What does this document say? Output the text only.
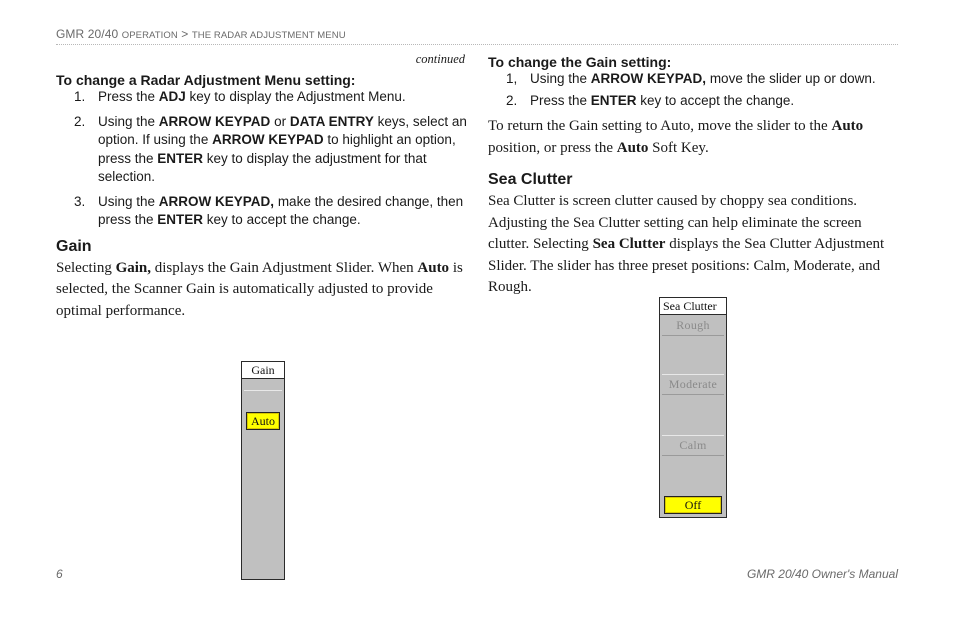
GMR 20/40 OPERATION > THE RADAR ADJUSTMENT MENU

continued

To change a Radar Adjustment Menu setting:

1. Press the ADJ key to display the Adjustment Menu.
2. Using the ARROW KEYPAD or DATA ENTRY keys, select an option. If using the ARROW KEYPAD to highlight an option, press the ENTER key to display the adjustment for that selection.
3. Using the ARROW KEYPAD, make the desired change, then press the ENTER key to accept the change.

Gain

Selecting Gain, displays the Gain Adjustment Slider. When Auto is selected, the Scanner Gain is automatically adjusted to provide optimal performance.

To change the Gain setting:

1, Using the ARROW KEYPAD, move the slider up or down.
2. Press the ENTER key to accept the change.

To return the Gain setting to Auto, move the slider to the Auto position, or press the Auto Soft Key.

Sea Clutter

Sea Clutter is screen clutter caused by choppy sea conditions. Adjusting the Sea Clutter setting can help eliminate the screen clutter. Selecting Sea Clutter displays the Sea Clutter Adjustment Slider. The slider has three preset positions: Calm, Moderate, and Rough.

Gain
Auto
Sea Clutter
Rough
Moderate
Calm
Off
6	GMR 20/40 Owner's Manual
